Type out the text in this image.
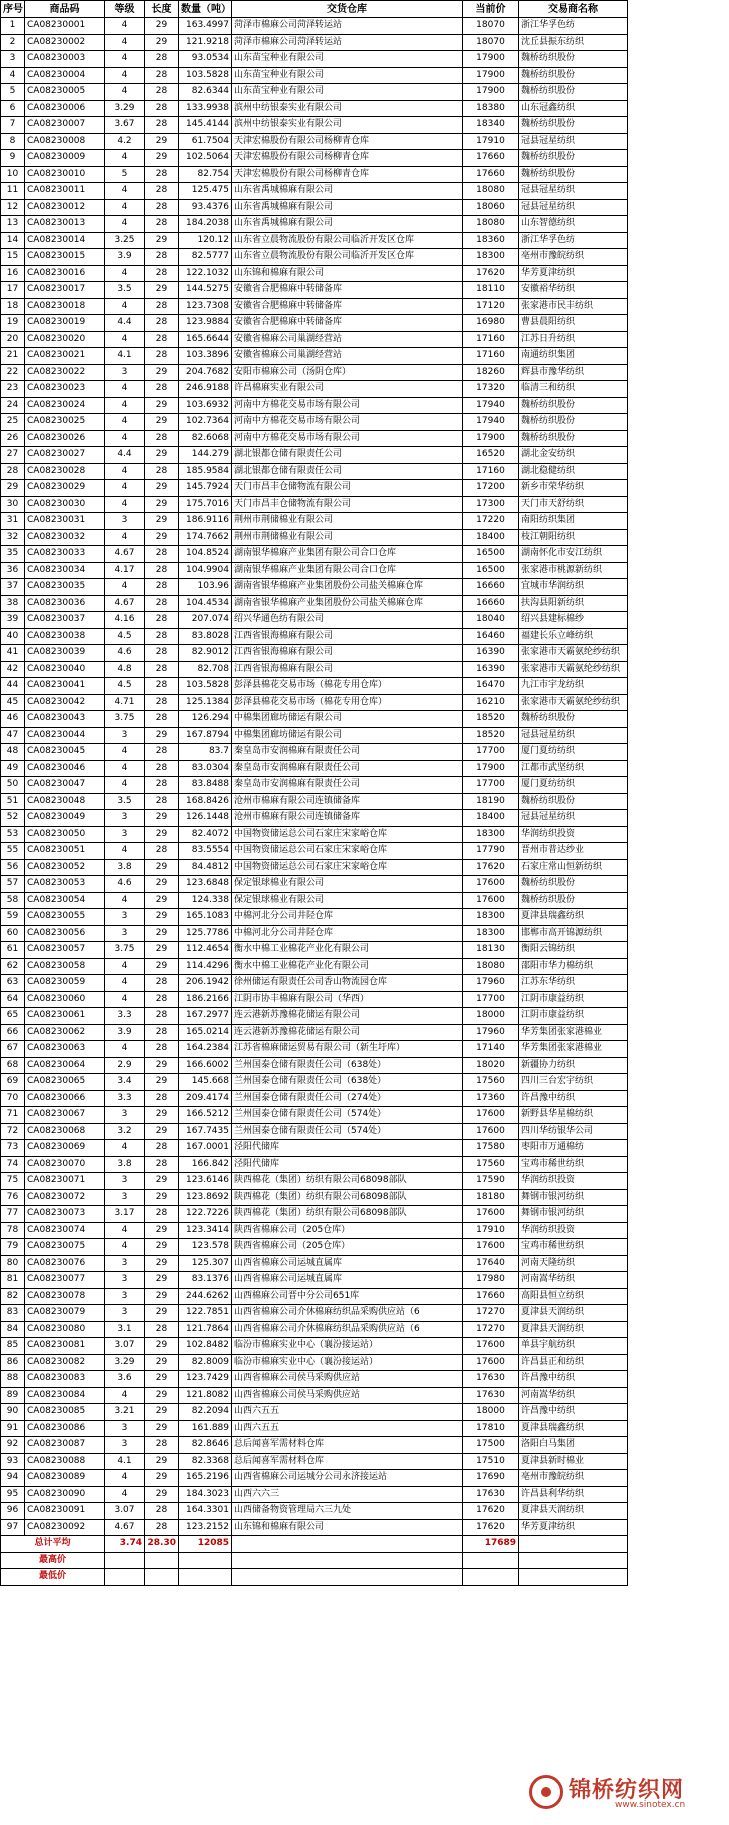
序号	商品码	等级	长度	数量（吨）	交货仓库	当前价	交易商名称
1	CA08230001	4	29	163.4997	菏泽市棉麻公司菏泽转运站	18070	浙江华孚色纺
2	CA08230002	4	29	121.9218	菏泽市棉麻公司菏泽转运站	18070	沈丘县振东纺织
3	CA08230003	4	28	93.0534	山东苗宝种业有限公司	17900	魏桥纺织股份
4	CA08230004	4	28	103.5828	山东苗宝种业有限公司	17900	魏桥纺织股份
5	CA08230005	4	28	82.6344	山东苗宝种业有限公司	17900	魏桥纺织股份
6	CA08230006	3.29	28	133.9938	滨州中纺银泰实业有限公司	18380	山东冠鑫纺织
7	CA08230007	3.67	28	145.4144	滨州中纺银泰实业有限公司	18340	魏桥纺织股份
8	CA08230008	4.2	29	61.7504	天津宏棉股份有限公司杨柳青仓库	17910	冠县冠星纺织
9	CA08230009	4	29	102.5064	天津宏棉股份有限公司杨柳青仓库	17660	魏桥纺织股份
10	CA08230010	5	28	82.754	天津宏棉股份有限公司杨柳青仓库	17660	魏桥纺织股份
11	CA08230011	4	28	125.475	山东省禹城棉麻有限公司	18080	冠县冠星纺织
12	CA08230012	4	28	93.4376	山东省禹城棉麻有限公司	18060	冠县冠星纺织
13	CA08230013	4	28	184.2038	山东省禹城棉麻有限公司	18080	山东智德纺织
14	CA08230014	3.25	29	120.12	山东省立晨物流股份有限公司临沂开发区仓库	18360	浙江华孚色纺
15	CA08230015	3.9	28	82.5777	山东省立晨物流股份有限公司临沂开发区仓库	18300	亳州市豫皖纺织
16	CA08230016	4	28	122.1032	山东锦和棉麻有限公司	17620	华芳夏津纺织
17	CA08230017	3.5	29	144.5275	安徽省合肥棉麻中转储备库	18110	安徽裕华纺织
18	CA08230018	4	28	123.7308	安徽省合肥棉麻中转储备库	17120	张家港市民丰纺织
19	CA08230019	4.4	28	123.9884	安徽省合肥棉麻中转储备库	16980	曹县晨阳纺织
20	CA08230020	4	28	165.6644	安徽省棉麻公司巢湖经营站	17160	江苏日升纺织
21	CA08230021	4.1	28	103.3896	安徽省棉麻公司巢湖经营站	17160	南通纺织集团
22	CA08230022	3	29	204.7682	安阳市棉麻公司（汤阴仓库）	18260	辉县市豫华纺织
23	CA08230023	4	28	246.9188	许昌棉麻实业有限公司	17320	临清三和纺织
24	CA08230024	4	29	103.6932	河南中方棉花交易市场有限公司	17940	魏桥纺织股份
25	CA08230025	4	29	102.7364	河南中方棉花交易市场有限公司	17940	魏桥纺织股份
26	CA08230026	4	28	82.6068	河南中方棉花交易市场有限公司	17900	魏桥纺织股份
27	CA08230027	4.4	29	144.279	湖北银都仓储有限责任公司	16520	湖北金安纺织
28	CA08230028	4	28	185.9584	湖北银都仓储有限责任公司	17160	湖北稳健纺织
29	CA08230029	4	29	145.7924	天门市昌丰仓储物流有限公司	17200	新乡市荣华纺织
30	CA08230030	4	29	175.7016	天门市昌丰仓储物流有限公司	17300	天门市天舒纺织
31	CA08230031	3	29	186.9116	荆州市荆储棉业有限公司	17220	南阳纺织集团
32	CA08230032	4	29	174.7662	荆州市荆储棉业有限公司	18400	枝江朝阳纺织
35	CA08230033	4.67	28	104.8524	湖南银华棉麻产业集团有限公司合口仓库	16500	湖南怀化市安江纺织
36	CA08230034	4.17	28	104.9904	湖南银华棉麻产业集团有限公司合口仓库	16500	张家港市桃源新纺织
37	CA08230035	4	28	103.96	湖南省银华棉麻产业集团股份公司盐关棉麻仓库	16660	宜城市华润纺织
38	CA08230036	4.67	28	104.4534	湖南省银华棉麻产业集团股份公司盐关棉麻仓库	16660	扶沟县阳新纺织
39	CA08230037	4.16	28	207.074	绍兴华通色纺有限公司	18040	绍兴县建标棉纱
40	CA08230038	4.5	28	83.8028	江西省银海棉麻有限公司	16460	福建长乐立峰纺织
41	CA08230039	4.6	28	82.9012	江西省银海棉麻有限公司	16390	张家港市天霸氨纶纱纺织
42	CA08230040	4.8	28	82.708	江西省银海棉麻有限公司	16390	张家港市天霸氨纶纱纺织
44	CA08230041	4.5	28	103.5828	彭泽县棉花交易市场（棉花专用仓库）	16470	九江市宇龙纺织
45	CA08230042	4.71	28	125.1384	彭泽县棉花交易市场（棉花专用仓库）	16210	张家港市天霸氨纶纱纺织
46	CA08230043	3.75	28	126.294	中棉集团廊坊储运有限公司	18520	魏桥纺织股份
47	CA08230044	3	29	167.8794	中棉集团廊坊储运有限公司	18520	冠县冠星纺织
48	CA08230045	4	28	83.7	秦皇岛市安润棉麻有限责任公司	17700	厦门夏纺纺织
49	CA08230046	4	28	83.0304	秦皇岛市安润棉麻有限责任公司	17900	江都市武坚纺织
50	CA08230047	4	28	83.8488	秦皇岛市安润棉麻有限责任公司	17700	厦门夏纺纺织
51	CA08230048	3.5	28	168.8426	沧州市棉麻有限公司连镇储备库	18190	魏桥纺织股份
52	CA08230049	3	29	126.1448	沧州市棉麻有限公司连镇储备库	18400	冠县冠星纺织
53	CA08230050	3	29	82.4072	中国物资储运总公司石家庄宋家峪仓库	18300	华润纺织投资
55	CA08230051	4	28	83.5554	中国物资储运总公司石家庄宋家峪仓库	17790	晋州市普达纱业
56	CA08230052	3.8	29	84.4812	中国物资储运总公司石家庄宋家峪仓库	17620	石家庄常山恒新纺织
57	CA08230053	4.6	29	123.6848	保定银球棉业有限公司	17600	魏桥纺织股份
58	CA08230054	4	29	124.338	保定银球棉业有限公司	17600	魏桥纺织股份
59	CA08230055	3	29	165.1083	中棉河北分公司井陉仓库	18300	夏津县瑞鑫纺织
60	CA08230056	3	29	125.7786	中棉河北分公司井陉仓库	18300	邯郸市高开锦源纺织
61	CA08230057	3.75	29	112.4654	衡水中棉工业棉花产业化有限公司	18130	衡阳云锦纺织
62	CA08230058	4	29	114.4296	衡水中棉工业棉花产业化有限公司	18080	邵阳市华力棉纺织
63	CA08230059	4	28	206.1942	徐州储运有限责任公司香山物流园仓库	17960	江苏东华纺织
64	CA08230060	4	28	186.2166	江阴市协丰棉麻有限公司（华西）	17700	江阴市康益纺织
65	CA08230061	3.3	28	167.2977	连云港新苏豫棉花储运有限公司	18000	江阴市康益纺织
66	CA08230062	3.9	28	165.0214	连云港新苏豫棉花储运有限公司	17960	华芳集团张家港棉业
67	CA08230063	4	28	164.2384	江苏省棉麻储运贸易有限公司（新生圩库）	17140	华芳集团张家港棉业
68	CA08230064	2.9	29	166.6002	兰州国泰仓储有限责任公司（638处）	18020	新疆协力纺织
69	CA08230065	3.4	29	145.668	兰州国泰仓储有限责任公司（638处）	17560	四川三台宏宇纺织
70	CA08230066	3.3	28	209.4174	兰州国泰仓储有限责任公司（274处）	17360	许昌豫中纺织
71	CA08230067	3	29	166.5212	兰州国泰仓储有限责任公司（574处）	17600	新野县华星棉纺织
72	CA08230068	3.2	29	167.7435	兰州国泰仓储有限责任公司（574处）	17600	四川华纺银华公司
73	CA08230069	4	28	167.0001	泾阳代储库	17580	枣阳市万通棉纺
74	CA08230070	3.8	28	166.842	泾阳代储库	17560	宝鸡市稀世纺织
75	CA08230071	3	29	123.6146	陕西棉花（集团）纺织有限公司68098部队	17590	华润纺织投资
76	CA08230072	3	29	123.8692	陕西棉花（集团）纺织有限公司68098部队	18180	舞钢市银河纺织
77	CA08230073	3.17	28	122.7226	陕西棉花（集团）纺织有限公司68098部队	17600	舞钢市银河纺织
78	CA08230074	4	29	123.3414	陕西省棉麻公司（205仓库）	17910	华润纺织投资
79	CA08230075	4	29	123.578	陕西省棉麻公司（205仓库）	17600	宝鸡市稀世纺织
80	CA08230076	3	29	125.307	山西省棉麻公司运城直属库	17640	河南天隆纺织
81	CA08230077	3	29	83.1376	山西省棉麻公司运城直属库	17980	河南嵩华纺织
82	CA08230078	3	29	244.6262	山西棉麻公司晋中分公司651库	17660	高阳县恒立纺织
83	CA08230079	3	29	122.7851	山西省棉麻公司介休棉麻纺织品采购供应站（6	17270	夏津县天润纺织
84	CA08230080	3.1	28	121.7864	山西省棉麻公司介休棉麻纺织品采购供应站（6	17270	夏津县天润纺织
85	CA08230081	3.07	29	102.8482	临汾市棉麻实业中心（襄汾接运站）	17600	单县宇航纺织
86	CA08230082	3.29	29	82.8009	临汾市棉麻实业中心（襄汾接运站）	17600	许昌县正和纺织
88	CA08230083	3.6	29	123.7429	山西省棉麻公司侯马采购供应站	17630	许昌豫中纺织
89	CA08230084	4	29	121.8082	山西省棉麻公司侯马采购供应站	17630	河南嵩华纺织
90	CA08230085	3.21	29	82.2094	山西六五五	18000	许昌豫中纺织
91	CA08230086	3	29	161.889	山西六五五	17810	夏津县瑞鑫纺织
92	CA08230087	3	28	82.8646	总后闻喜军需材料仓库	17500	洛阳白马集团
93	CA08230088	4.1	29	82.3368	总后闻喜军需材料仓库	17510	夏津县新时棉业
94	CA08230089	4	29	165.2196	山西省棉麻公司运城分公司永济接运站	17690	亳州市豫皖纺织
95	CA08230090	4	29	184.3023	山西六六三	17630	许昌县利华纺织
96	CA08230091	3.07	28	164.3301	山西储备物资管理局六三九处	17620	夏津县天润纺织
97	CA08230092	4.67	28	123.2152	山东锦和棉麻有限公司	17620	华芳夏津纺织
总计平均		3.74	28.30	12085		17689	
最高价							
最低价							
锦桥纺织网
www.sinotex.cn
